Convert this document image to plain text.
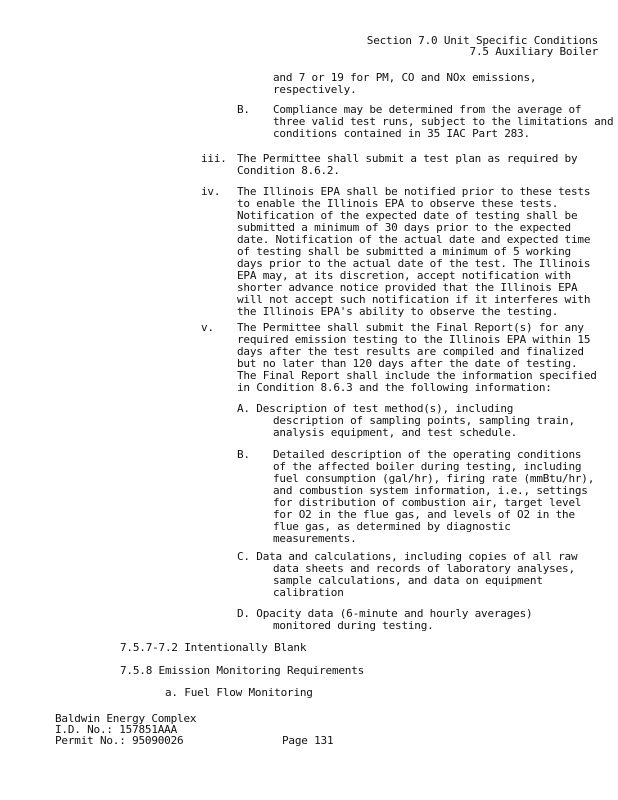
Section 7.0 Unit Specific Conditions
7.5 Auxiliary Boiler
and 7 or 19 for PM, CO and NOx emissions,
respectively.
B. Compliance may be determined from the average of
three valid test runs, subject to the limitations and
conditions contained in 35 IAC Part 283.
iii. The Permittee shall submit a test plan as required by
Condition 8.6.2.
iv. The Illinois EPA shall be notified prior to these tests
to enable the Illinois EPA to observe these tests.
Notification of the expected date of testing shall be
submitted a minimum of 30 days prior to the expected
date. Notification of the actual date and expected time
of testing shall be submitted a minimum of 5 working
days prior to the actual date of the test. The Illinois
EPA may, at its discretion, accept notification with
shorter advance notice provided that the Illinois EPA
will not accept such notification if it interferes with
the Illinois EPA's ability to observe the testing.
v. The Permittee shall submit the Final Report(s) for any
required emission testing to the Illinois EPA within 15
days after the test results are compiled and finalized
but no later than 120 days after the date of testing.
The Final Report shall include the information specified
in Condition 8.6.3 and the following information:
A. Description of test method(s), including
description of sampling points, sampling train,
analysis equipment, and test schedule.
B. Detailed description of the operating conditions
of the affected boiler during testing, including
fuel consumption (gal/hr), firing rate (mmBtu/hr),
and combustion system information, i.e., settings
for distribution of combustion air, target level
for O2 in the flue gas, and levels of O2 in the
flue gas, as determined by diagnostic
measurements.
C. Data and calculations, including copies of all raw
data sheets and records of laboratory analyses,
sample calculations, and data on equipment
calibration
D. Opacity data (6-minute and hourly averages)
monitored during testing.
7.5.7-7.2 Intentionally Blank
7.5.8 Emission Monitoring Requirements
a. Fuel Flow Monitoring
Baldwin Energy Complex
I.D. No.: 157851AAA
Permit No.: 95090026	Page 131
